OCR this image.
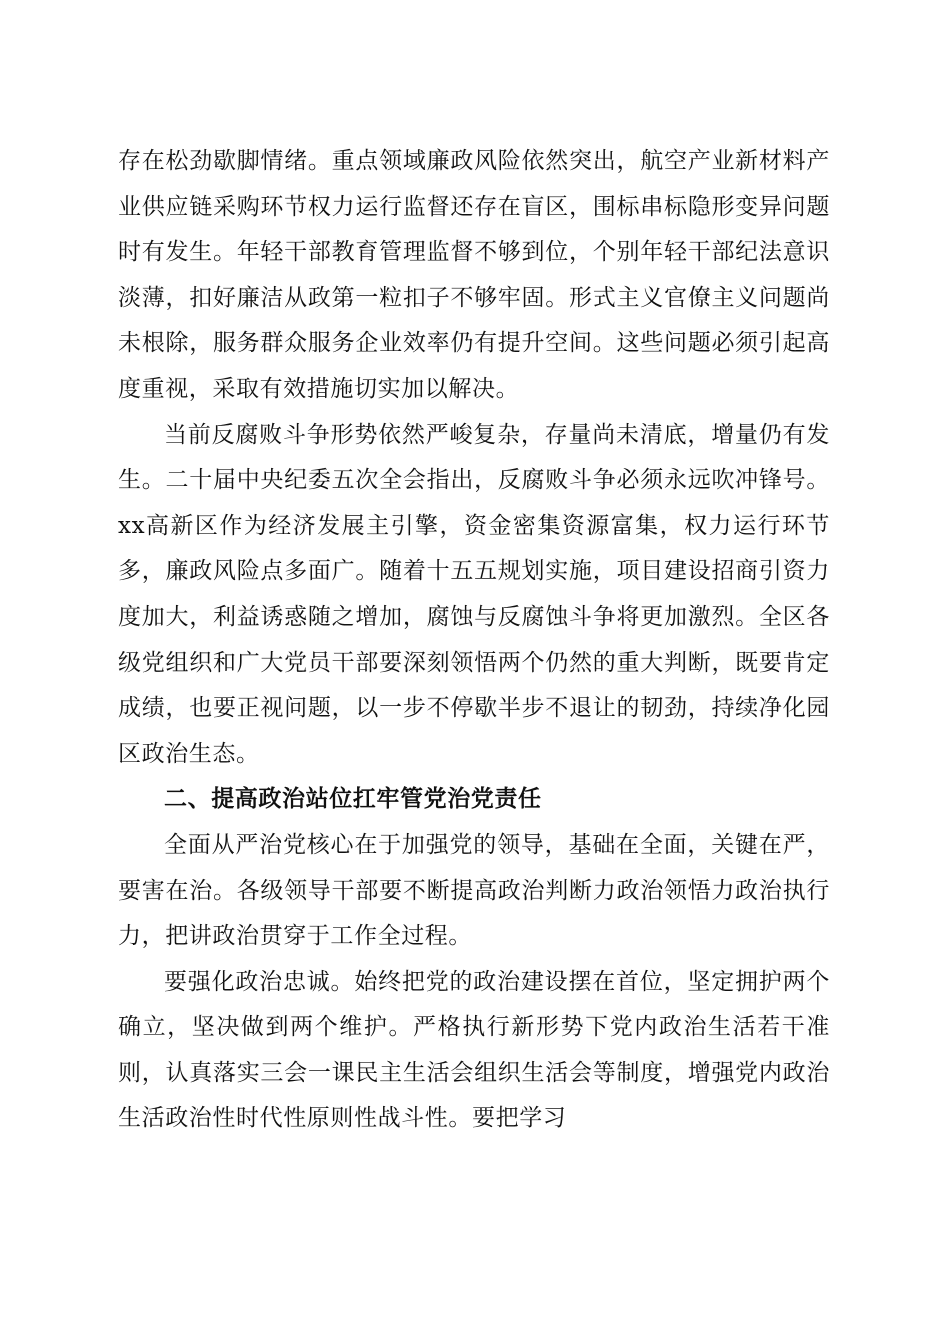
存在松劲歇脚情绪。重点领域廉政风险依然突出，航空产业新材料产业供应链采购环节权力运行监督还存在盲区，围标串标隐形变异问题时有发生。年轻干部教育管理监督不够到位，个别年轻干部纪法意识淡薄，扣好廉洁从政第一粒扣子不够牢固。形式主义官僚主义问题尚未根除，服务群众服务企业效率仍有提升空间。这些问题必须引起高度重视，采取有效措施切实加以解决。

当前反腐败斗争形势依然严峻复杂，存量尚未清底，增量仍有发生。二十届中央纪委五次全会指出，反腐败斗争必须永远吹冲锋号。xx高新区作为经济发展主引擎，资金密集资源富集，权力运行环节多，廉政风险点多面广。随着十五五规划实施，项目建设招商引资力度加大，利益诱惑随之增加，腐蚀与反腐蚀斗争将更加激烈。全区各级党组织和广大党员干部要深刻领悟两个仍然的重大判断，既要肯定成绩，也要正视问题，以一步不停歇半步不退让的韧劲，持续净化园区政治生态。

二、提高政治站位扛牢管党治党责任

全面从严治党核心在于加强党的领导，基础在全面，关键在严，要害在治。各级领导干部要不断提高政治判断力政治领悟力政治执行力，把讲政治贯穿于工作全过程。

要强化政治忠诚。始终把党的政治建设摆在首位，坚定拥护两个确立，坚决做到两个维护。严格执行新形势下党内政治生活若干准则，认真落实三会一课民主生活会组织生活会等制度，增强党内政治生活政治性时代性原则性战斗性。要把学习
